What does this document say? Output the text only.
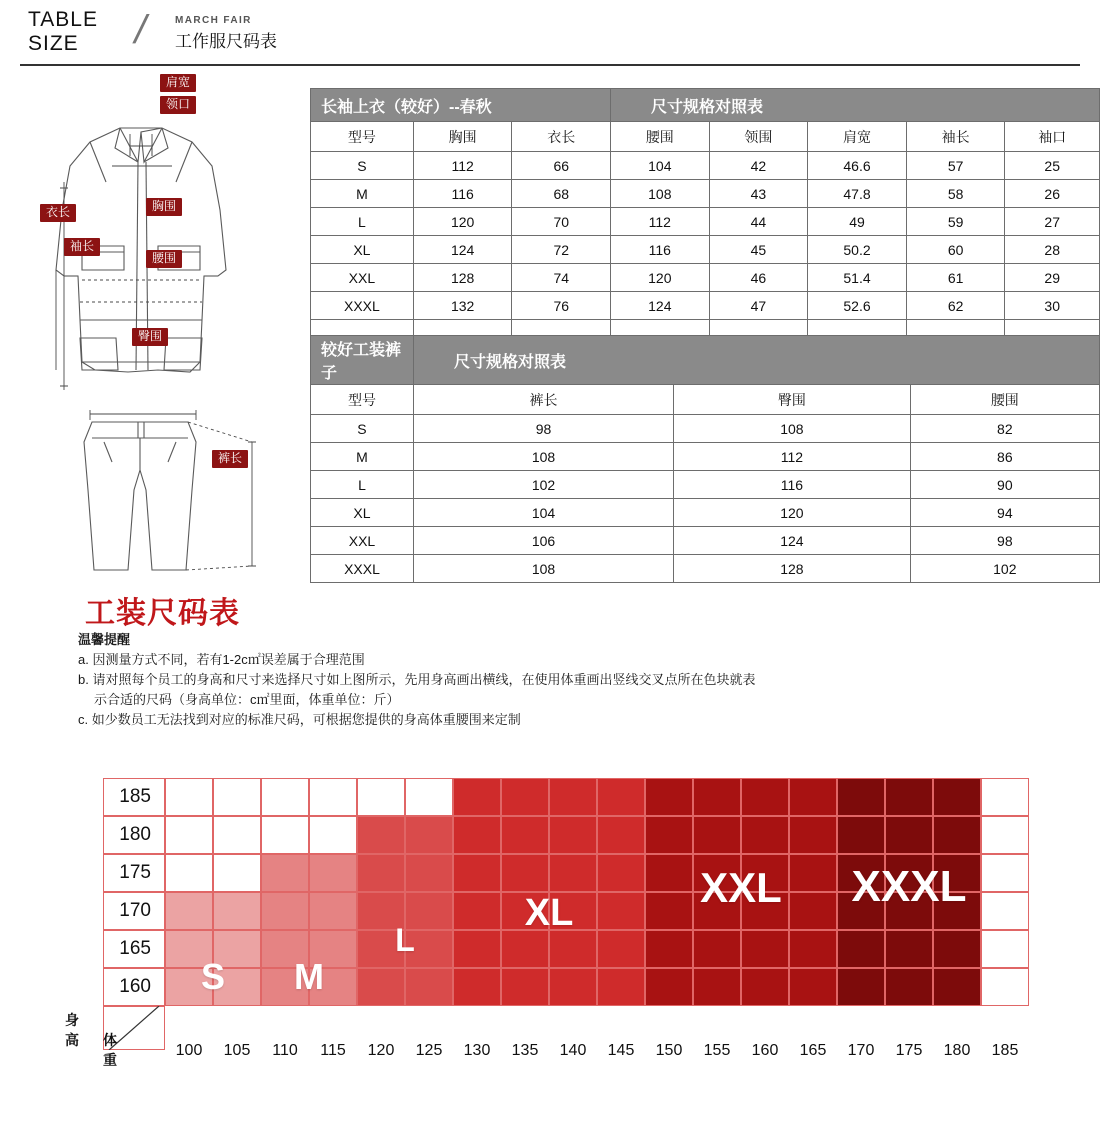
TABLE
SIZE	/ MARCH FAIR
工作服尺码表
肩宽
领口
胸围
衣长
袖长
腰围
臀围
裤长
长袖上衣（较好）--春秋			尺寸规格对照表				
型号	胸围	衣长	腰围	领围	肩宽	袖长	袖口
S	112	66	104	42	46.6	57	25
M	116	68	108	43	47.8	58	26
L	120	70	112	44	49	59	27
XL	124	72	116	45	50.2	60	28
XXL	128	74	120	46	51.4	61	29
XXXL	132	76	124	47	52.6	62	30

较好工装裤子	尺寸规格对照表		
型号	裤长	臀围	腰围
S	98	108	82
M	108	112	86
L	102	116	90
XL	104	120	94
XXL	106	124	98
XXXL	108	128	102
工装尺码表
温馨提醒
a. 因测量方式不同，若有1-2c㎡误差属于合理范围
b. 请对照每个员工的身高和尺寸来选择尺寸如上图所示，先用身高画出横线，在使用体重画出竖线交叉点所在色块就表
示合适的尺码（身高单位：c㎡里面，体重单位：斤）
c. 如少数员工无法找到对应的标准尺码，可根据您提供的身高体重腰围来定制
185
180
175
170
165
160	S	M
L
XL
XXL	XXXL
身高 体重
100	105	110	115	120	125	130	135	140	145	150	155	160	165	170	175	180	185
